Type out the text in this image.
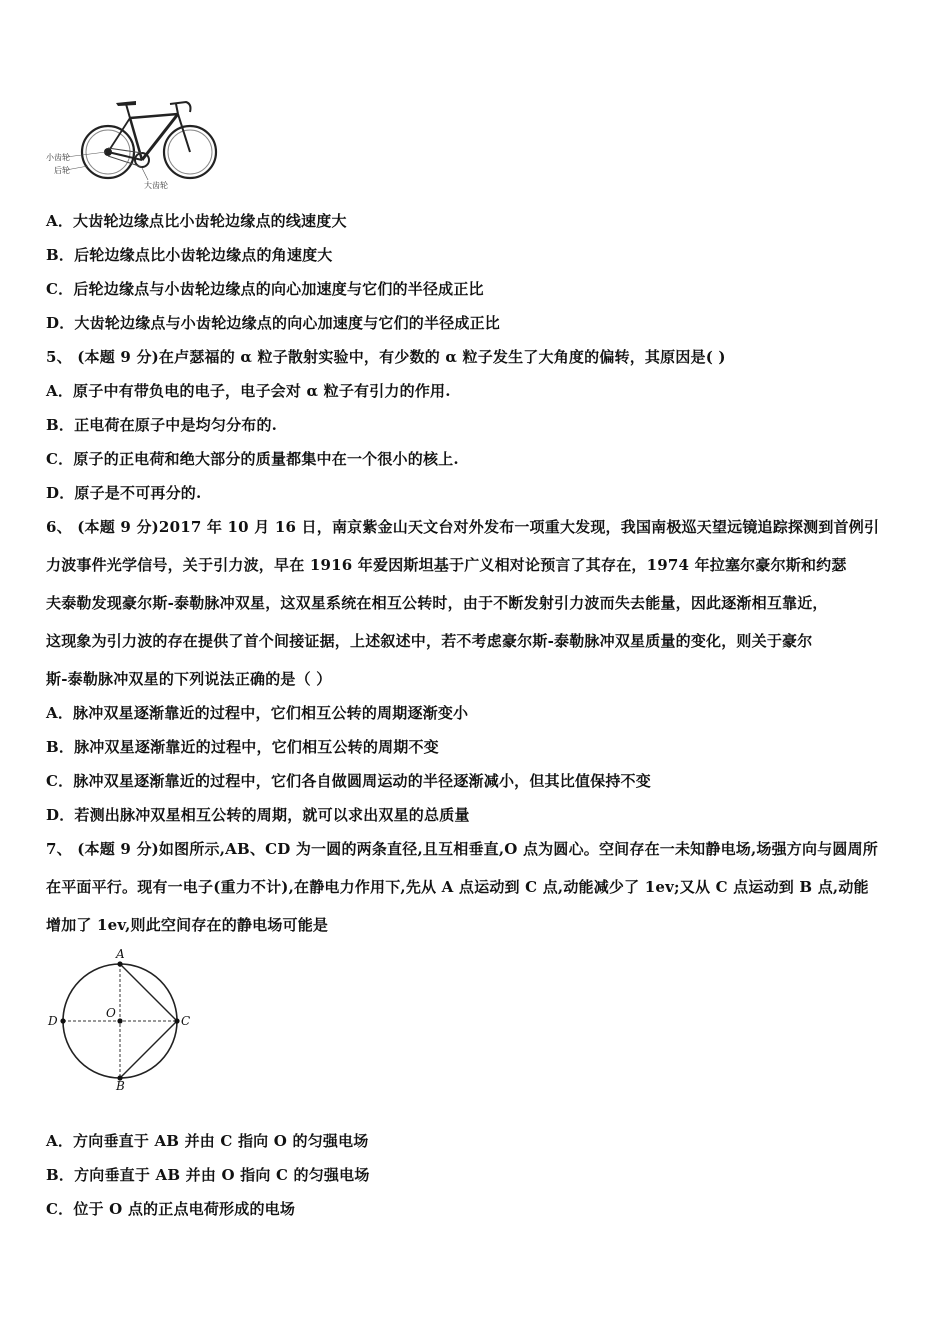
小齿轮
后轮
大齿轮
A．大齿轮边缘点比小齿轮边缘点的线速度大
B．后轮边缘点比小齿轮边缘点的角速度大
C．后轮边缘点与小齿轮边缘点的向心加速度与它们的半径成正比
D．大齿轮边缘点与小齿轮边缘点的向心加速度与它们的半径成正比
5、 (本题 9 分)在卢瑟福的 α 粒子散射实验中，有少数的 α 粒子发生了大角度的偏转，其原因是( )
A．原子中有带负电的电子，电子会对 α 粒子有引力的作用.
B．正电荷在原子中是均匀分布的.
C．原子的正电荷和绝大部分的质量都集中在一个很小的核上.
D．原子是不可再分的.
6、 (本题 9 分)2017 年 10 月 16 日，南京紫金山天文台对外发布一项重大发现，我国南极巡天望远镜追踪探测到首例引
力波事件光学信号，关于引力波，早在 1916 年爱因斯坦基于广义相对论预言了其存在，1974 年拉塞尔豪尔斯和约瑟
夫泰勒发现豪尔斯-泰勒脉冲双星，这双星系统在相互公转时，由于不断发射引力波而失去能量，因此逐渐相互靠近，
这现象为引力波的存在提供了首个间接证据，上述叙述中，若不考虑豪尔斯-泰勒脉冲双星质量的变化，则关于豪尔
斯-泰勒脉冲双星的下列说法正确的是（ ）
A．脉冲双星逐渐靠近的过程中，它们相互公转的周期逐渐变小
B．脉冲双星逐渐靠近的过程中，它们相互公转的周期不变
C．脉冲双星逐渐靠近的过程中，它们各自做圆周运动的半径逐渐减小，但其比值保持不变
D．若测出脉冲双星相互公转的周期，就可以求出双星的总质量
7、 (本题 9 分)如图所示,AB、CD 为一圆的两条直径,且互相垂直,O 点为圆心。空间存在一未知静电场,场强方向与圆周所
在平面平行。现有一电子(重力不计),在静电力作用下,先从 A 点运动到 C 点,动能减少了 1ev;又从 C 点运动到 B 点,动能
增加了 1ev,则此空间存在的静电场可能是
A
B
C
D
O
A．方向垂直于 AB 并由 C 指向 O 的匀强电场
B．方向垂直于 AB 并由 O 指向 C 的匀强电场
C．位于 O 点的正点电荷形成的电场
